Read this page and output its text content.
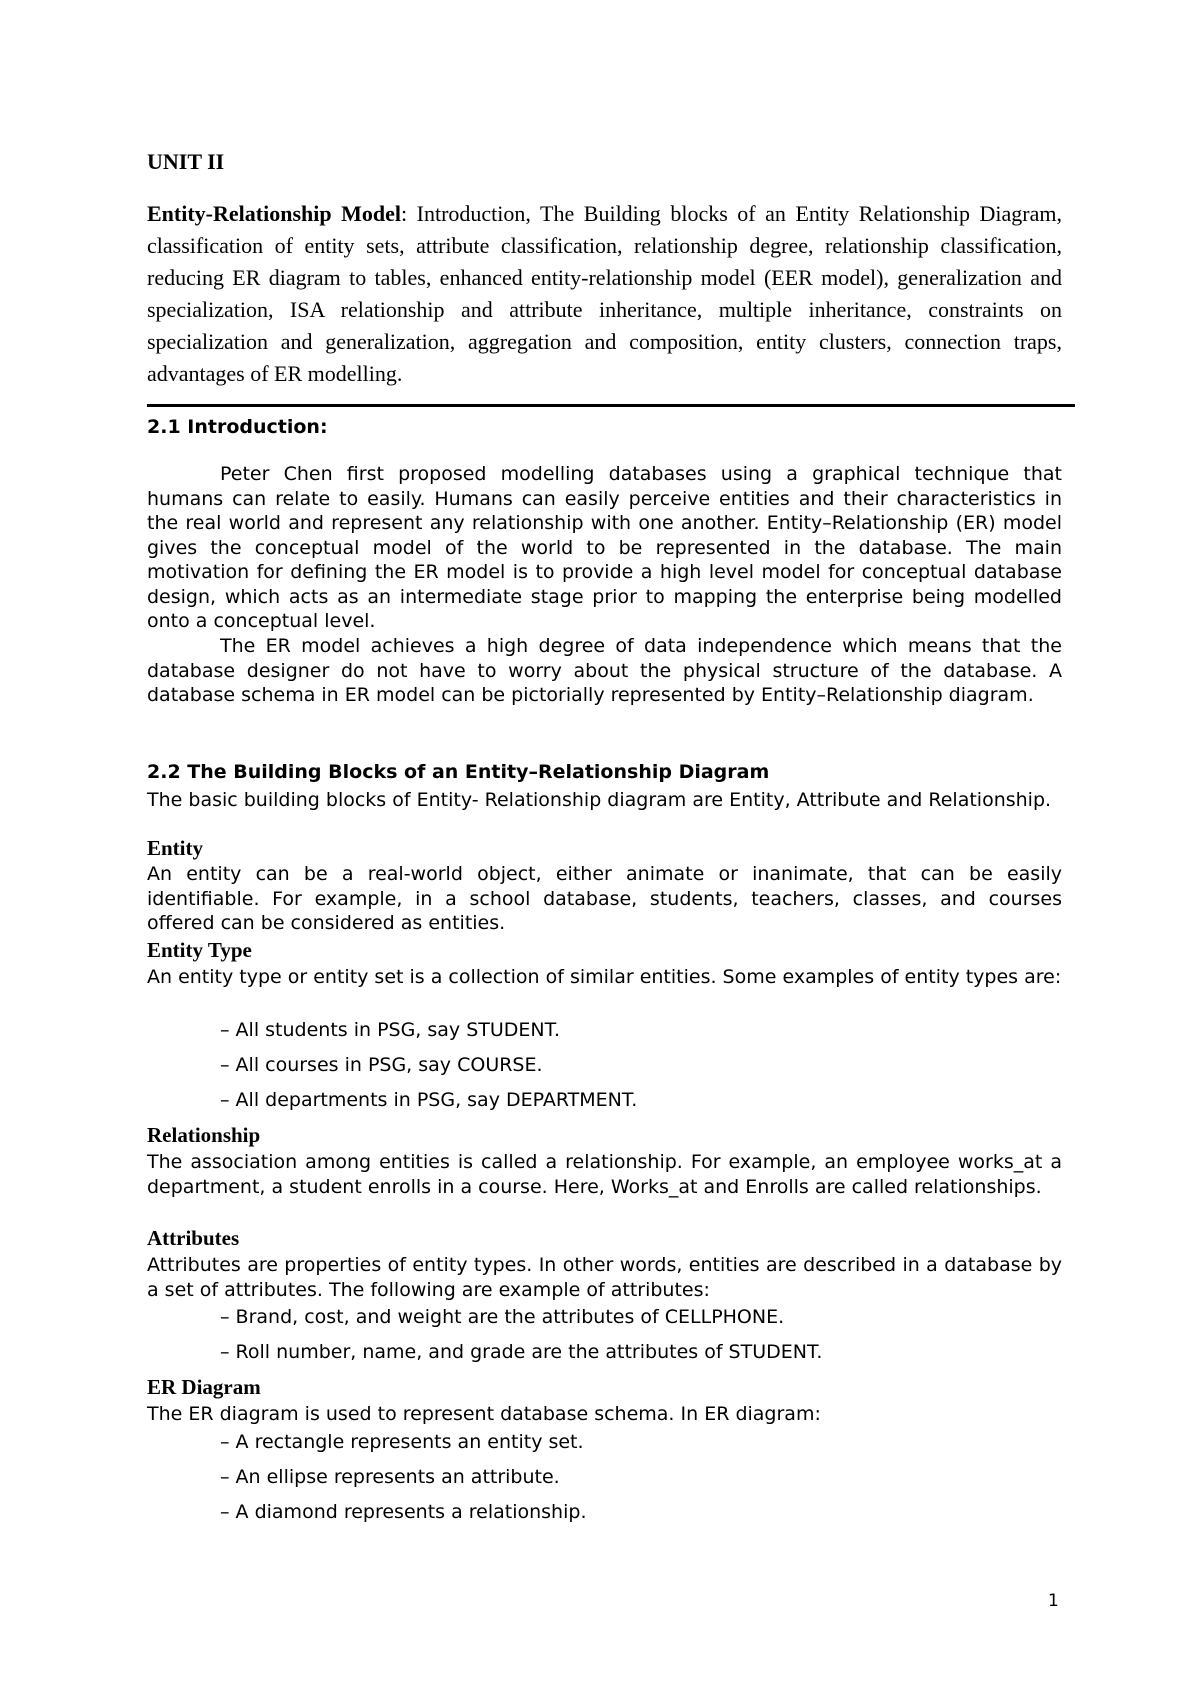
UNIT II
Entity-Relationship Model: Introduction, The Building blocks of an Entity Relationship Diagram, classification of entity sets, attribute classification, relationship degree, relationship classification, reducing ER diagram to tables, enhanced entity-relationship model (EER model), generalization and specialization, ISA relationship and attribute inheritance, multiple inheritance, constraints on specialization and generalization, aggregation and composition, entity clusters, connection traps, advantages of ER modelling.
2.1 Introduction:
Peter Chen first proposed modelling databases using a graphical technique that humans can relate to easily. Humans can easily perceive entities and their characteristics in the real world and represent any relationship with one another. Entity–Relationship (ER) model gives the conceptual model of the world to be represented in the database. The main motivation for defining the ER model is to provide a high level model for conceptual database design, which acts as an intermediate stage prior to mapping the enterprise being modelled onto a conceptual level.
The ER model achieves a high degree of data independence which means that the database designer do not have to worry about the physical structure of the database. A database schema in ER model can be pictorially represented by Entity–Relationship diagram.
2.2 The Building Blocks of an Entity–Relationship Diagram
The basic building blocks of Entity- Relationship diagram are Entity, Attribute and Relationship.
Entity
An entity can be a real-world object, either animate or inanimate, that can be easily identifiable. For example, in a school database, students, teachers, classes, and courses offered can be considered as entities.
Entity Type
An entity type or entity set is a collection of similar entities. Some examples of entity types are:
– All students in PSG, say STUDENT.
– All courses in PSG, say COURSE.
– All departments in PSG, say DEPARTMENT.
Relationship
The association among entities is called a relationship. For example, an employee works_at a department, a student enrolls in a course. Here, Works_at and Enrolls are called relationships.
Attributes
Attributes are properties of entity types. In other words, entities are described in a database by a set of attributes. The following are example of attributes:
– Brand, cost, and weight are the attributes of CELLPHONE.
– Roll number, name, and grade are the attributes of STUDENT.
ER Diagram
The ER diagram is used to represent database schema. In ER diagram:
– A rectangle represents an entity set.
– An ellipse represents an attribute.
– A diamond represents a relationship.
1
